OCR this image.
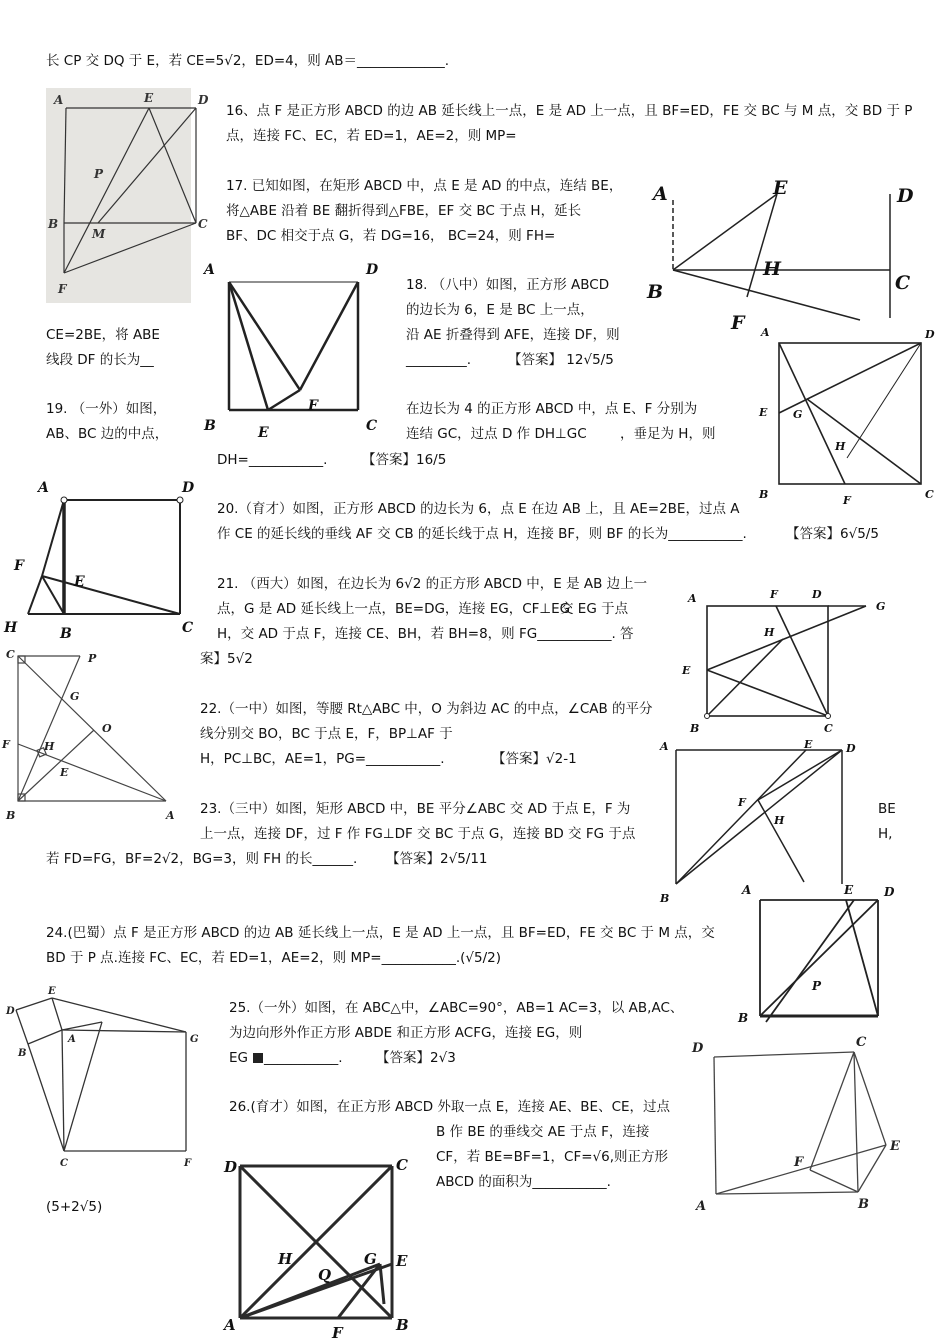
长 CP 交 DQ 于 E，若 CE=5√2，ED=4，则 AB＝_____________.
16、点 F 是正方形 ABCD 的边 AB 延长线上一点，E 是 AD 上一点，且 BF=ED，FE 交 BC 与 M 点，交 BD 于 P
点，连接 FC、EC，若 ED=1，AE=2，则 MP=
17. 已知如图，在矩形 ABCD 中，点 E 是 AD 的中点，连结 BE，
将△ABE 沿着 BE 翻折得到△FBE，EF 交 BC 于点 H，延长
BF、DC 相交于点 G，若 DG=16， BC=24，则 FH=
18. （八中）如图，正方形 ABCD
的边长为 6，E 是 BC 上一点，
CE=2BE，将 ABE	沿 AE 折叠得到 AFE，连接 DF，则
线段 DF 的长为__	_________.	【答案】 12√5/5
19. （一外）如图，	在边长为 4 的正方形 ABCD 中，点 E、F 分别为
AB、BC 边的中点，	连结 GC，过点 D 作 DH⊥GC ，垂足为 H，则
DH=___________.	【答案】16/5
20.（育才）如图，正方形 ABCD 的边长为 6，点 E 在边 AB 上，且 AE=2BE，过点 A
作 CE 的延长线的垂线 AF 交 CB 的延长线于点 H，连接 BF，则 BF 的长为___________.	【答案】6√5/5
21. （西大）如图，在边长为 6√2 的正方形 ABCD 中，E 是 AB 边上一
点，G 是 AD 延长线上一点，BE=DG，连接 EG，CF⊥EG
交 EG 于点
H，交 AD 于点 F，连接 CE、BH，若 BH=8，则 FG___________. 答
案】5√2
22.（一中）如图，等腰 Rt△ABC 中，O 为斜边 AC 的中点，∠CAB 的平分
线分别交 BO，BC 于点 E，F，BP⊥AF 于
H，PC⊥BC，AE=1，PG=___________.	【答案】√2-1
23.（三中）如图，矩形 ABCD 中，BE 平分∠ABC 交 AD 于点 E，F 为	BE
上一点，连接 DF，过 F 作 FG⊥DF 交 BC 于点 G，连接 BD 交 FG 于点	H,
若 FD=FG，BF=2√2，BG=3，则 FH 的长______. 【答案】2√5/11
24.(巴蜀）点 F 是正方形 ABCD 的边 AB 延长线上一点，E 是 AD 上一点，且 BF=ED，FE 交 BC 于 M 点，交
BD 于 P 点.连接 FC、EC，若 ED=1，AE=2，则 MP=___________.(√5/2)
25.（一外）如图，在 ABC△中，∠ABC=90°，AB=1 AC=3，以 AB,AC、
为边向形外作正方形 ABDE 和正方形 ACFG，连接 EG，则
EG ___________. 【答案】2√3
26.(育才）如图，在正方形 ABCD 外取一点 E，连接 AE、BE、CE，过点
B 作 BE 的垂线交 AE 于点 F，连接
CF，若 BE=BF=1，CF=√6,则正方形
ABCD 的面积为___________.
(5+2√5)
A	E	D
P
B
M
C
F
A	E	D
H
B	C
F
A	D
F
B	E	C
A	D
E G
H
B	F	C
A	D
F
E
H	B	C
A	F	D
G
H
E
B	C
C	P
G
O
F	H
E
B	A
A	E	D
F
H
B
A	E	D
P
B
E
D
B
A	G
C	F
D	C
F
E
A	B
D	C
H
Q
G E
A	F	B
